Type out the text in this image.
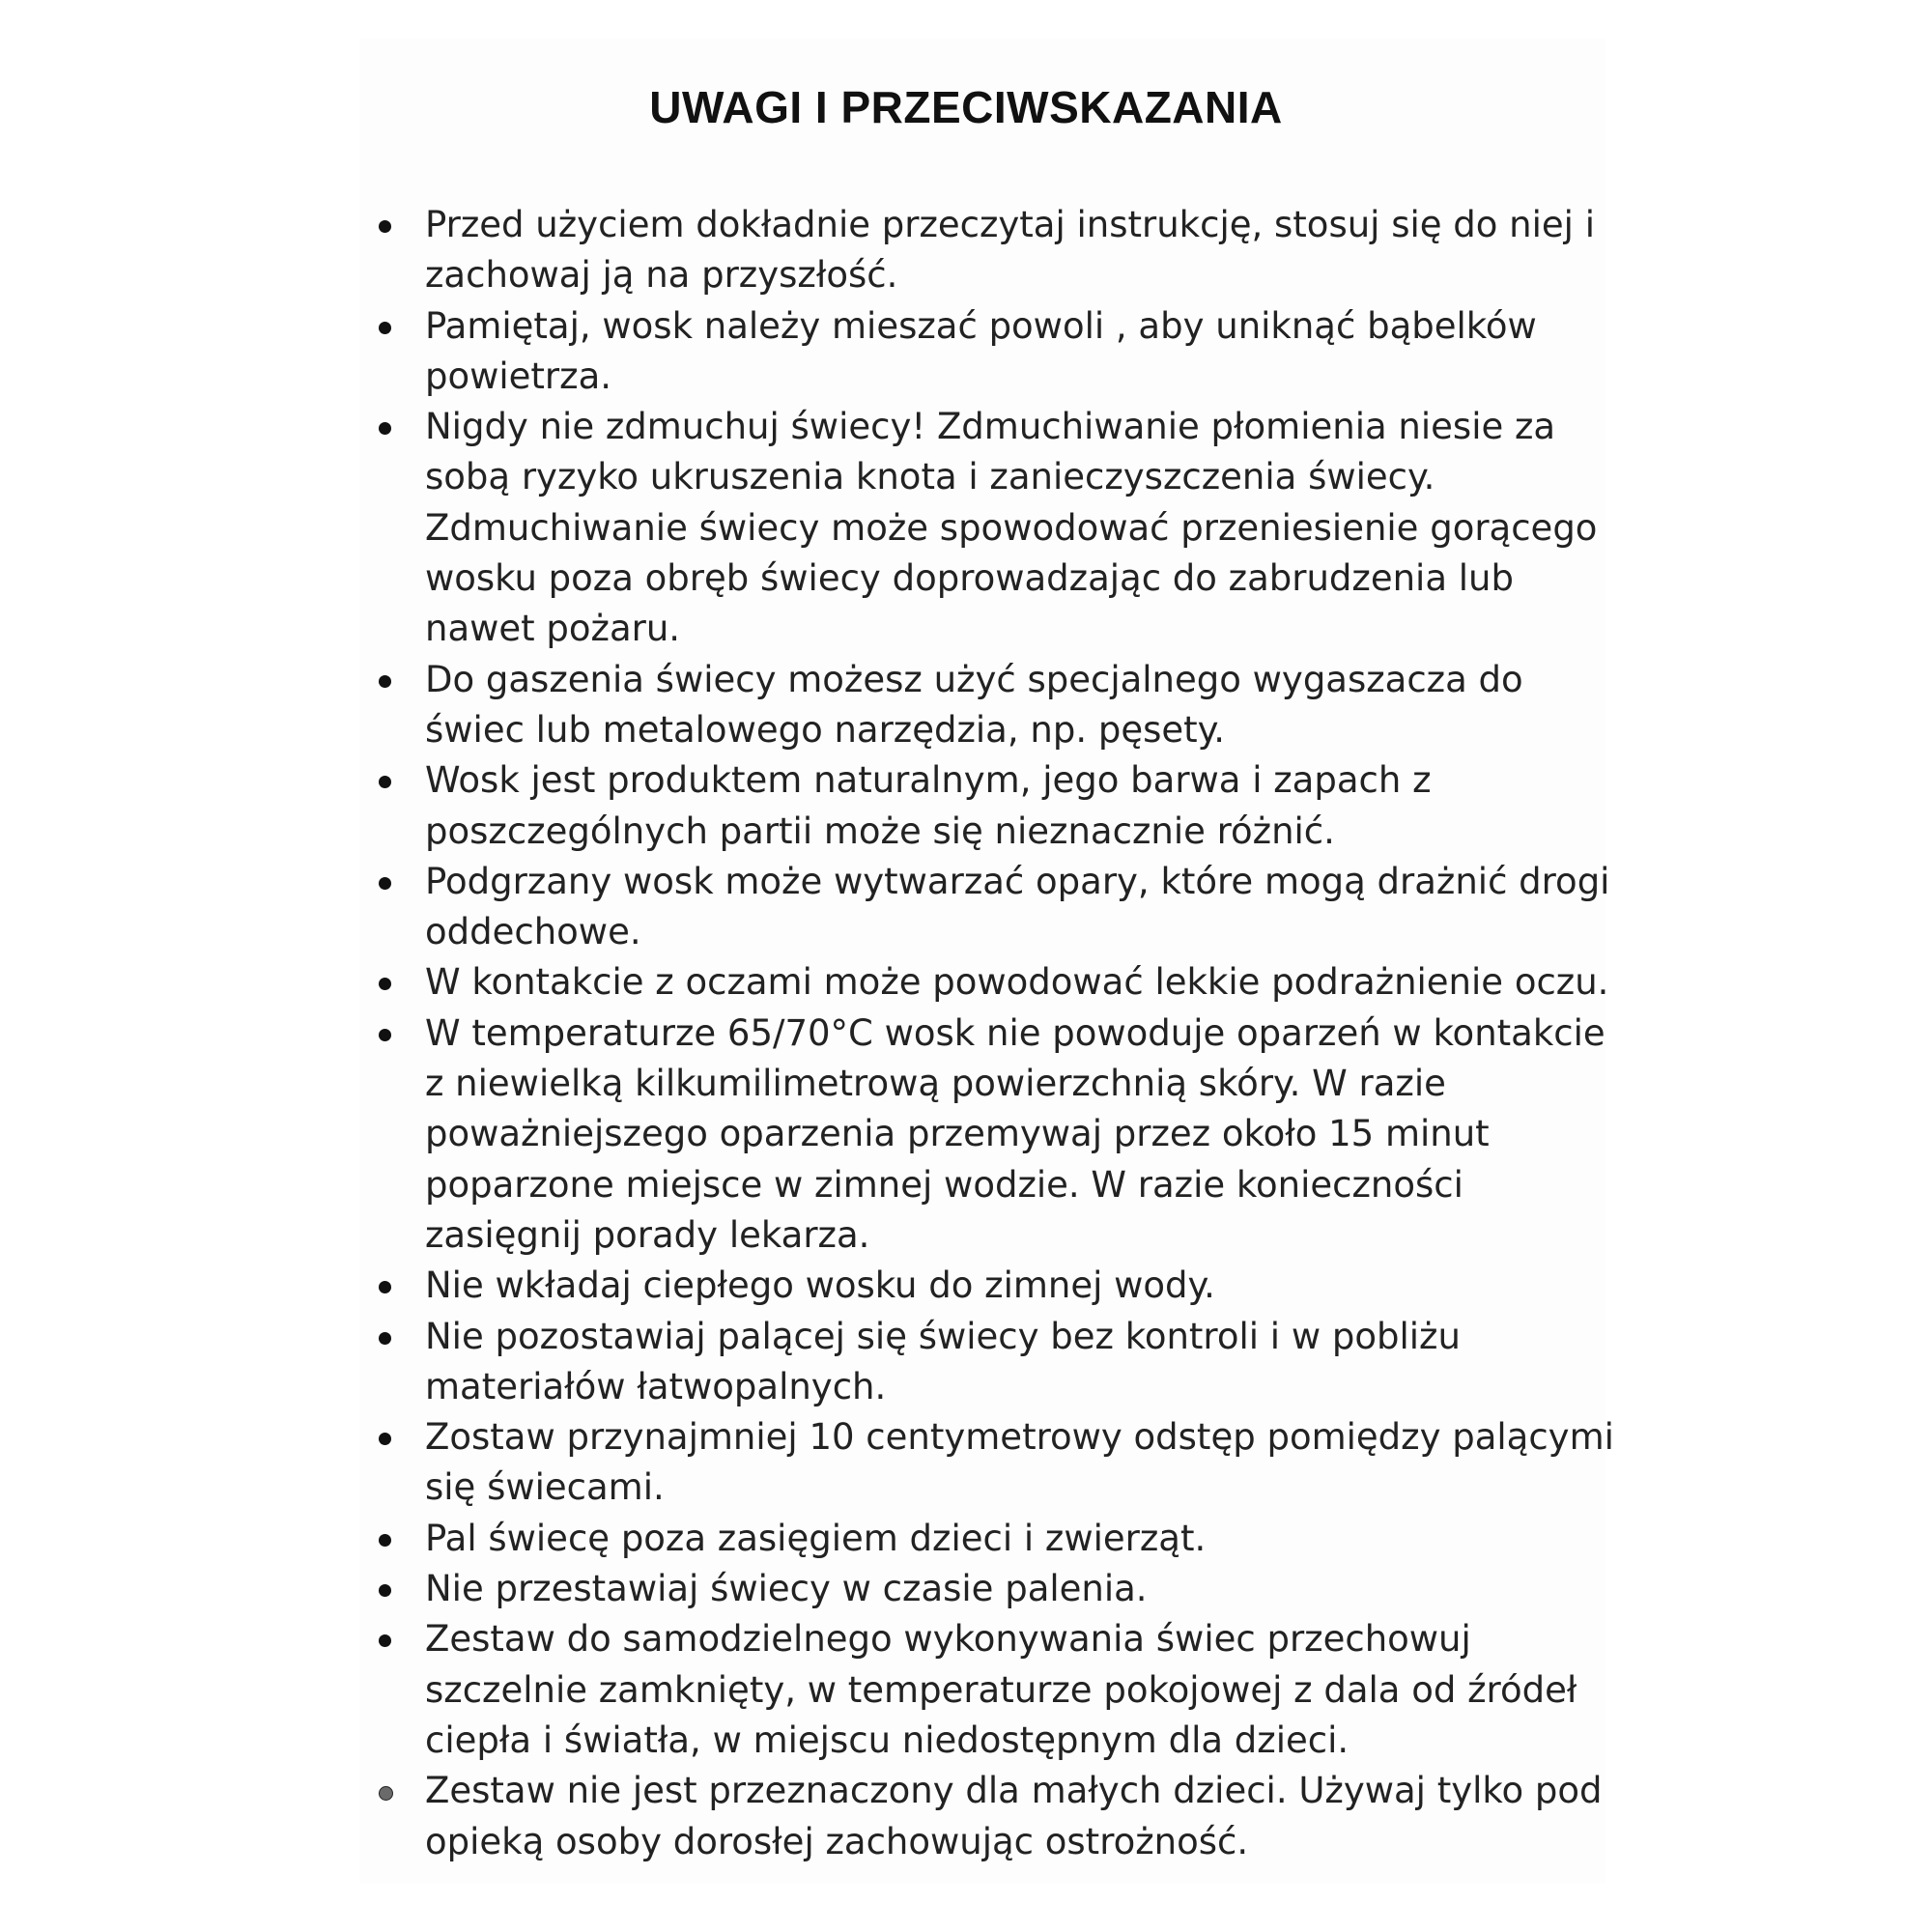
UWAGI I PRZECIWSKAZANIA
Przed użyciem dokładnie przeczytaj instrukcję, stosuj się do niej i zachowaj ją na przyszłość.
Pamiętaj, wosk należy mieszać powoli , aby uniknąć bąbelków powietrza.
Nigdy nie zdmuchuj świecy! Zdmuchiwanie płomienia niesie za sobą ryzyko ukruszenia knota i zanieczyszczenia świecy. Zdmuchiwanie świecy może spowodować przeniesienie gorącego wosku poza obręb świecy doprowadzając do zabrudzenia lub nawet pożaru.
Do gaszenia świecy możesz użyć specjalnego wygaszacza do świec lub metalowego narzędzia, np. pęsety.
Wosk jest produktem naturalnym, jego barwa i zapach z poszczególnych partii może się nieznacznie różnić.
Podgrzany wosk może wytwarzać opary, które mogą drażnić drogi oddechowe.
W kontakcie z oczami może powodować lekkie podrażnienie oczu.
W temperaturze 65/70°C wosk nie powoduje oparzeń w kontakcie z niewielką kilkumilimetrową powierzchnią skóry. W razie poważniejszego oparzenia przemywaj przez około 15 minut poparzone miejsce w zimnej wodzie. W razie konieczności zasięgnij porady lekarza.
Nie wkładaj ciepłego wosku do zimnej wody.
Nie pozostawiaj palącej się świecy bez kontroli i w pobliżu materiałów łatwopalnych.
Zostaw przynajmniej 10 centymetrowy odstęp pomiędzy palącymi się świecami.
Pal świecę poza zasięgiem dzieci i zwierząt.
Nie przestawiaj świecy w czasie palenia.
Zestaw do samodzielnego wykonywania świec przechowuj szczelnie zamknięty, w temperaturze pokojowej z dala od źródeł ciepła i światła, w miejscu niedostępnym dla dzieci.
Zestaw nie jest przeznaczony dla małych dzieci. Używaj tylko pod opieką osoby dorosłej zachowując ostrożność.
